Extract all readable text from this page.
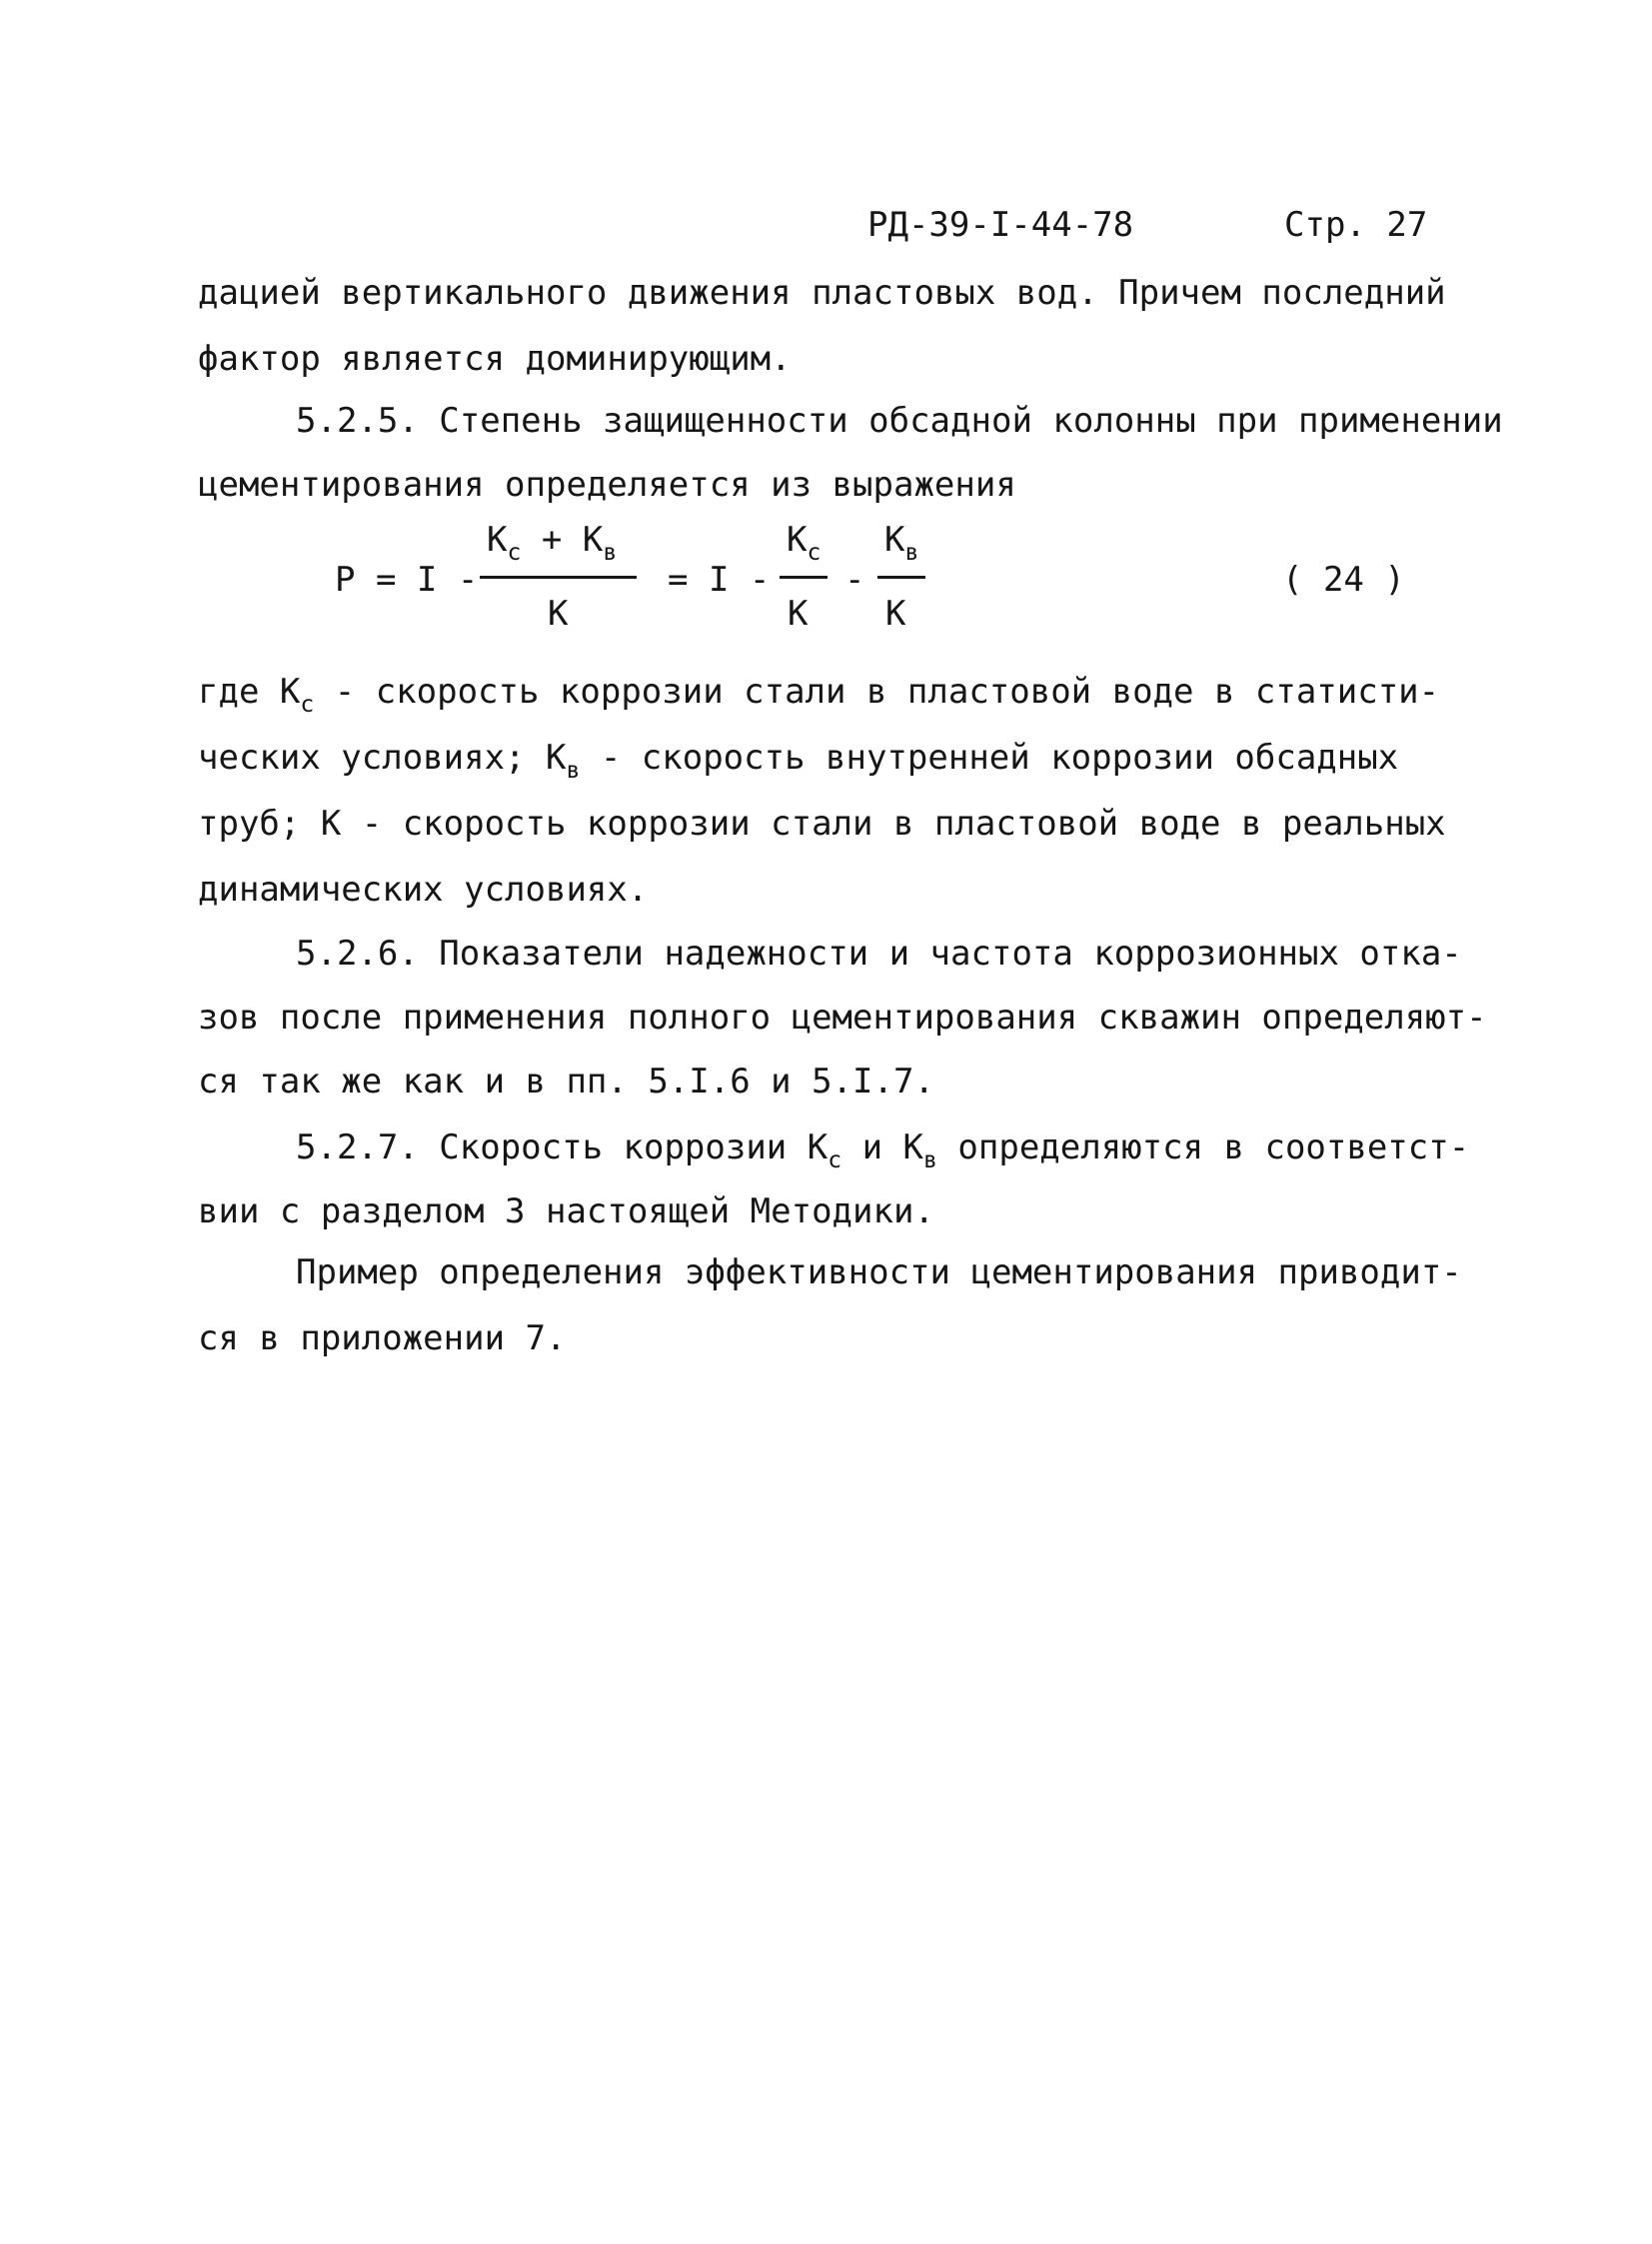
РД-39-I-44-78	Стр. 27
дацией вертикального движения пластовых вод. Причем последний
фактор является доминирующим.
5.2.5. Степень защищенности обсадной колонны при применении
цементирования определяется из выражения
P = I -
$К_с + К_в$
К
= I -
$К_с$
К
-
$К_в$
К
( 24 )
где $К_с$ - скорость коррозии стали в пластовой воде в статисти-
ческих условиях; $К_в$ - скорость внутренней коррозии обсадных
труб; К - скорость коррозии стали в пластовой воде в реальных
динамических условиях.
5.2.6. Показатели надежности и частота коррозионных отка-
зов после применения полного цементирования скважин определяют-
ся так же как и в пп. 5.I.6 и 5.I.7.
5.2.7. Скорость коррозии $К_с$ и $К_в$ определяются в соответст-
вии с разделом 3 настоящей Методики.
Пример определения эффективности цементирования приводит-
ся в приложении 7.
